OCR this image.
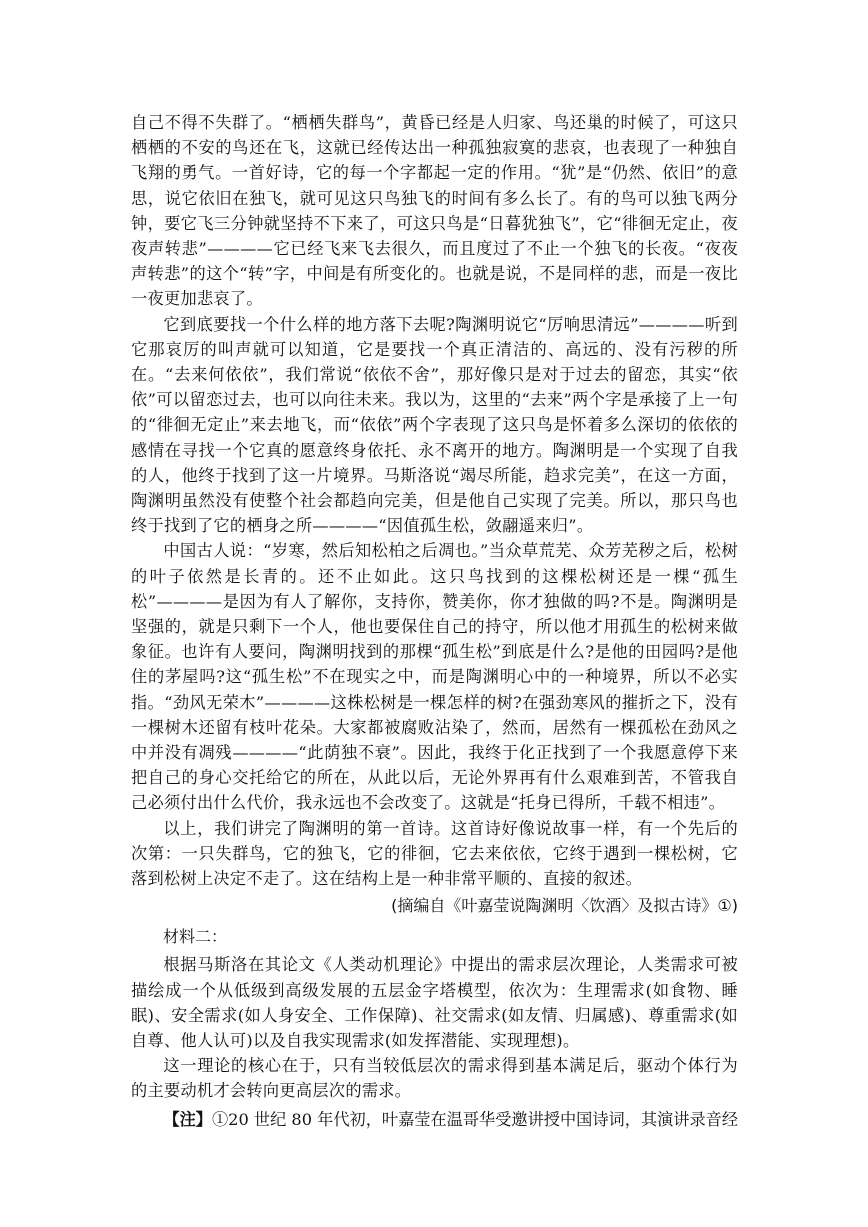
自己不得不失群了。“栖栖失群鸟”，黄昏已经是人归家、鸟还巢的时候了，可这只栖栖的不安的鸟还在飞，这就已经传达出一种孤独寂寞的悲哀，也表现了一种独自飞翔的勇气。一首好诗，它的每一个字都起一定的作用。“犹”是“仍然、依旧”的意思，说它依旧在独飞，就可见这只鸟独飞的时间有多么长了。有的鸟可以独飞两分钟，要它飞三分钟就坚持不下来了，可这只鸟是“日暮犹独飞”，它“徘徊无定止，夜夜声转悲”————它已经飞来飞去很久，而且度过了不止一个独飞的长夜。“夜夜声转悲”的这个“转”字，中间是有所变化的。也就是说，不是同样的悲，而是一夜比一夜更加悲哀了。

它到底要找一个什么样的地方落下去呢?陶渊明说它“厉响思清远”————听到它那哀厉的叫声就可以知道，它是要找一个真正清洁的、高远的、没有污秽的所在。“去来何依依”，我们常说“依依不舍”，那好像只是对于过去的留恋，其实“依依”可以留恋过去，也可以向往未来。我以为，这里的“去来”两个字是承接了上一句的“徘徊无定止”来去地飞，而“依依”两个字表现了这只鸟是怀着多么深切的依依的感情在寻找一个它真的愿意终身依托、永不离开的地方。陶渊明是一个实现了自我的人，他终于找到了这一片境界。马斯洛说“竭尽所能，趋求完美”，在这一方面，陶渊明虽然没有使整个社会都趋向完美，但是他自己实现了完美。所以，那只鸟也终于找到了它的栖身之所————“因值孤生松，敛翮遥来归”。

中国古人说：“岁寒，然后知松柏之后凋也。”当众草荒芜、众芳芜秽之后，松树的叶子依然是长青的。还不止如此。这只鸟找到的这棵松树还是一棵“孤生松”————是因为有人了解你，支持你，赞美你，你才独做的吗?不是。陶渊明是坚强的，就是只剩下一个人，他也要保住自己的持守，所以他才用孤生的松树来做象征。也许有人要问，陶渊明找到的那棵“孤生松”到底是什么?是他的田园吗?是他住的茅屋吗?这“孤生松”不在现实之中，而是陶渊明心中的一种境界，所以不必实指。“劲风无荣木”————这株松树是一棵怎样的树?在强劲寒风的摧折之下，没有一棵树木还留有枝叶花朵。大家都被腐败沾染了，然而，居然有一棵孤松在劲风之中并没有凋残————“此荫独不衰”。因此，我终于化正找到了一个我愿意停下来把自己的身心交托给它的所在，从此以后，无论外界再有什么艰难到苦，不管我自己必须付出什么代价，我永远也不会改变了。这就是“托身已得所，千载不相违”。

以上，我们讲完了陶渊明的第一首诗。这首诗好像说故事一样，有一个先后的次第：一只失群鸟，它的独飞，它的徘徊，它去来依依，它终于遇到一棵松树，它落到松树上决定不走了。这在结构上是一种非常平顺的、直接的叙述。

(摘编自《叶嘉莹说陶渊明〈饮酒〉及拟古诗》①)

材料二：

根据马斯洛在其论文《人类动机理论》中提出的需求层次理论，人类需求可被描绘成一个从低级到高级发展的五层金字塔模型，依次为：生理需求(如食物、睡眠)、安全需求(如人身安全、工作保障)、社交需求(如友情、归属感)、尊重需求(如自尊、他人认可)以及自我实现需求(如发挥潜能、实现理想)。

这一理论的核心在于，只有当较低层次的需求得到基本满足后，驱动个体行为的主要动机才会转向更高层次的需求。

【注】①20 世纪 80 年代初，叶嘉莹在温哥华受邀讲授中国诗词，其演讲录音经
